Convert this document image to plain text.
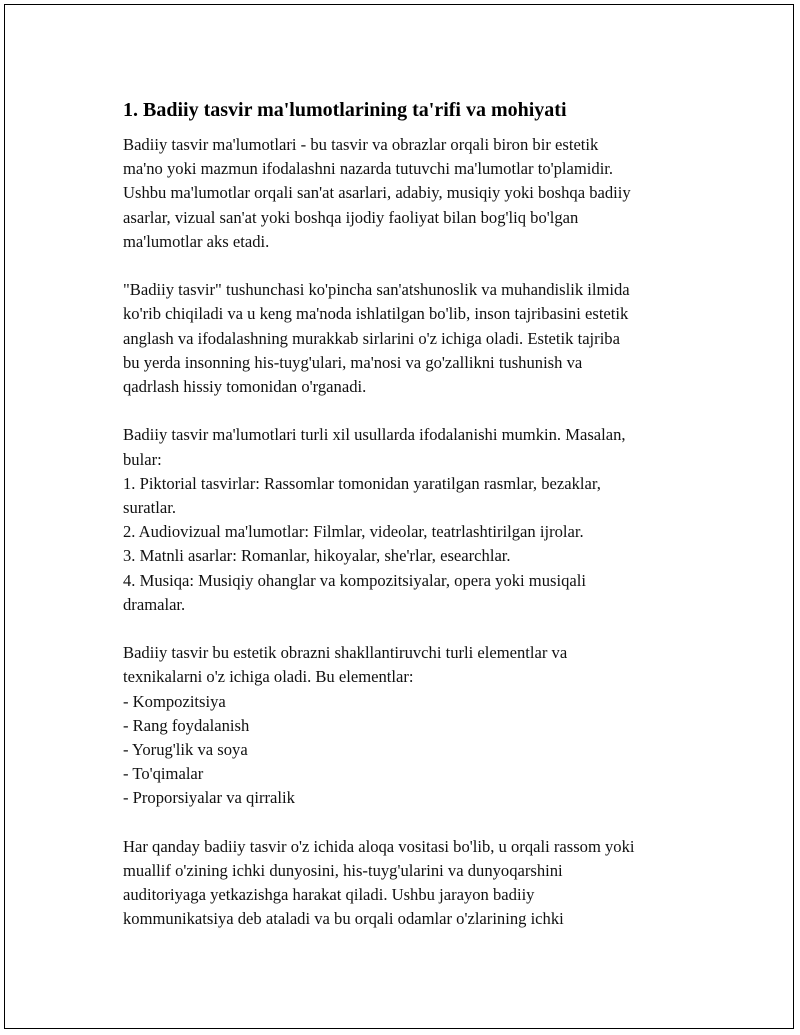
1. Badiiy tasvir ma'lumotlarining ta'rifi va mohiyati
Badiiy tasvir ma'lumotlari - bu tasvir va obrazlar orqali biron bir estetik
ma'no yoki mazmun ifodalashni nazarda tutuvchi ma'lumotlar to'plamidir.
Ushbu ma'lumotlar orqali san'at asarlari, adabiy, musiqiy yoki boshqa badiiy
asarlar, vizual san'at yoki boshqa ijodiy faoliyat bilan bog'liq bo'lgan
ma'lumotlar aks etadi.
"Badiiy tasvir" tushunchasi ko'pincha san'atshunoslik va muhandislik ilmida
ko'rib chiqiladi va u keng ma'noda ishlatilgan bo'lib, inson tajribasini estetik
anglash va ifodalashning murakkab sirlarini o'z ichiga oladi. Estetik tajriba
bu yerda insonning his-tuyg'ulari, ma'nosi va go'zallikni tushunish va
qadrlash hissiy tomonidan o'rganadi.
Badiiy tasvir ma'lumotlari turli xil usullarda ifodalanishi mumkin. Masalan,
bular:
1. Piktorial tasvirlar: Rassomlar tomonidan yaratilgan rasmlar, bezaklar,
suratlar.
2. Audiovizual ma'lumotlar: Filmlar, videolar, teatrlashtirilgan ijrolar.
3. Matnli asarlar: Romanlar, hikoyalar, she'rlar, esearchlar.
4. Musiqa: Musiqiy ohanglar va kompozitsiyalar, opera yoki musiqali
dramalar.
Badiiy tasvir bu estetik obrazni shakllantiruvchi turli elementlar va
texnikalarni o'z ichiga oladi. Bu elementlar:
- Kompozitsiya
- Rang foydalanish
- Yorug'lik va soya
- To'qimalar
- Proporsiyalar va qirralik
Har qanday badiiy tasvir o'z ichida aloqa vositasi bo'lib, u orqali rassom yoki
muallif o'zining ichki dunyosini, his-tuyg'ularini va dunyoqarshini
auditoriyaga yetkazishga harakat qiladi. Ushbu jarayon badiiy
kommunikatsiya deb ataladi va bu orqali odamlar o'zlarining ichki
